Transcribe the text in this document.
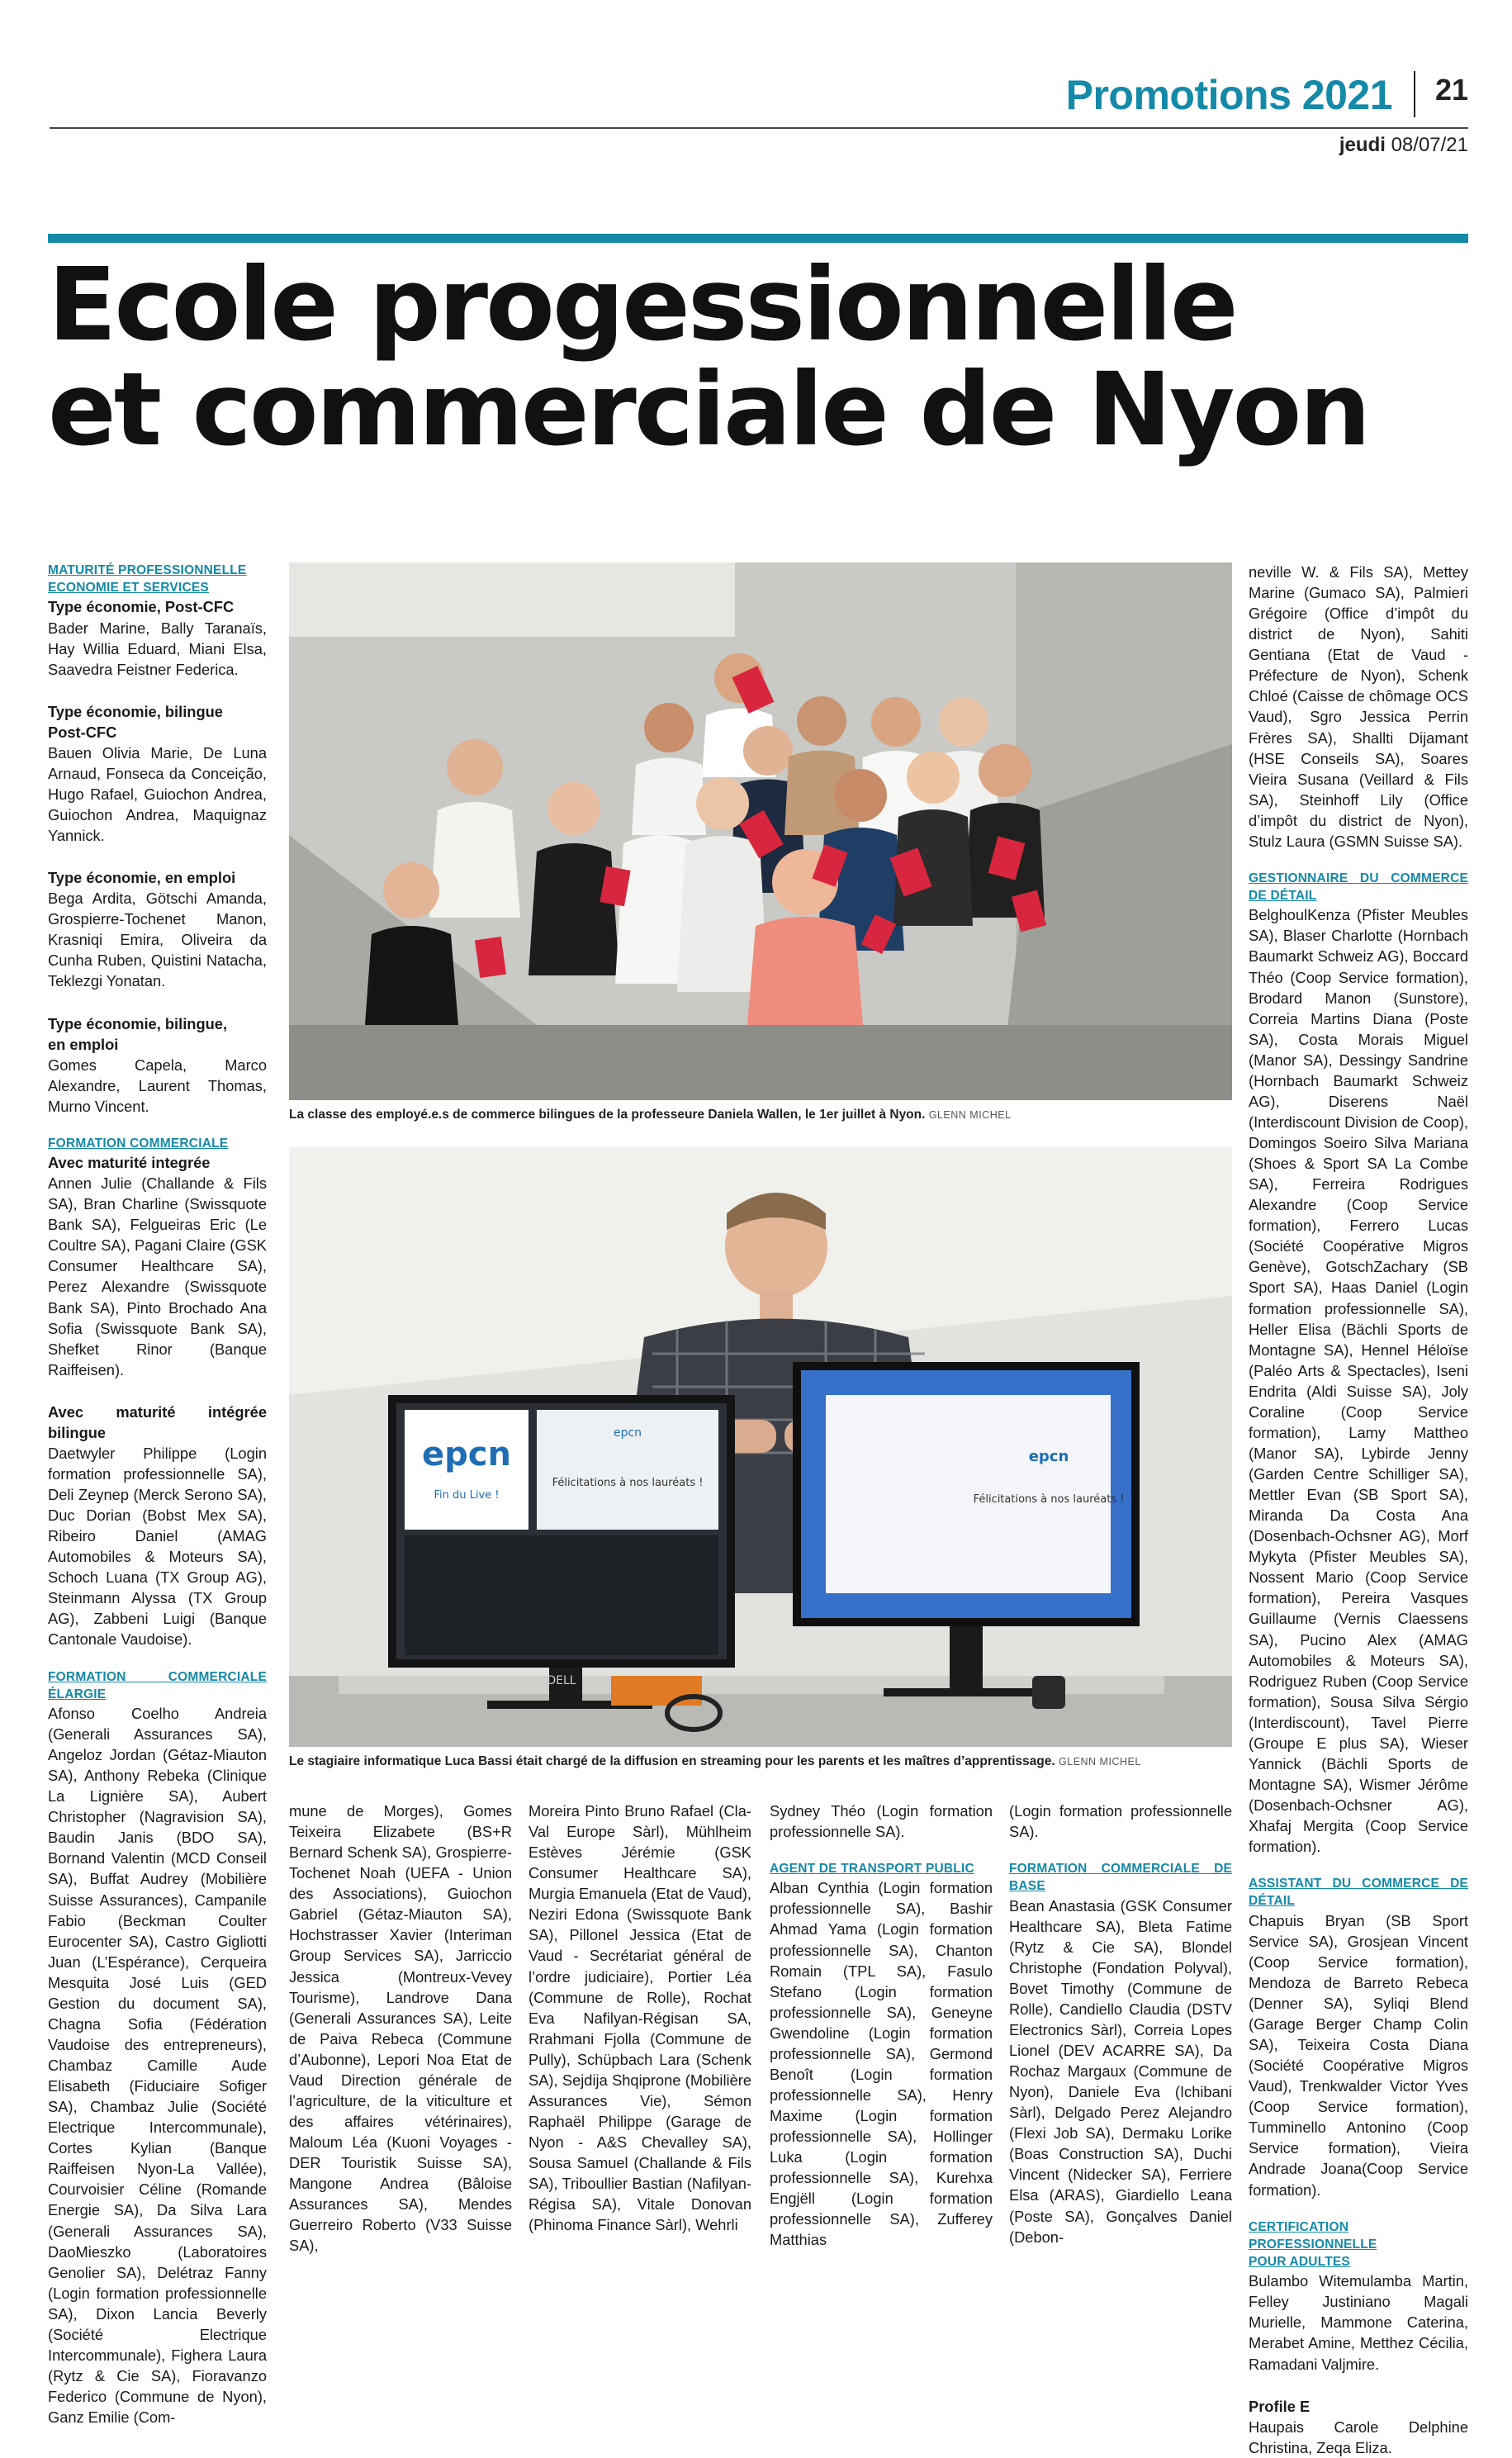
Promotions 2021 21
jeudi 08/07/21
Ecole progessionnelle
et commerciale de Nyon
MATURITÉ PROFESSIONNELLE
ECONOMIE ET SERVICES

Type économie, Post-CFC

Bader Marine, Bally Taranaïs, Hay Willia Eduard, Miani Elsa, Saavedra Feistner Federica.

Type économie, bilingue
Post-CFC

Bauen Olivia Marie, De Luna Arnaud, Fonseca da Conceição, Hugo Rafael, Guiochon Andrea, Guiochon Andrea, Maquignaz Yannick.

Type économie, en emploi

Bega Ardita, Götschi Amanda, Grospierre-Tochenet Manon, Krasniqi Emira, Oliveira da Cunha Ruben, Quistini Natacha, Teklezgi Yonatan.

Type économie, bilingue,
en emploi

Gomes Capela, Marco Alexandre, Laurent Thomas, Murno Vincent.

FORMATION COMMERCIALE

Avec maturité integrée

Annen Julie (Challande & Fils SA), Bran Charline (Swissquote Bank SA), Felgueiras Eric (Le Coultre SA), Pagani Claire (GSK Consumer Healthcare SA), Perez Alexandre (Swissquote Bank SA), Pinto Brochado Ana Sofia (Swissquote Bank SA), Shefket Rinor (Banque Raiffeisen).

Avec maturité intégrée bilingue

Daetwyler Philippe (Login formation professionnelle SA), Deli Zeynep (Merck Serono SA), Duc Dorian (Bobst Mex SA), Ribeiro Daniel (AMAG Automobiles & Moteurs SA), Schoch Luana (TX Group AG), Steinmann Alyssa (TX Group AG), Zabbeni Luigi (Banque Cantonale Vaudoise).

FORMATION COMMERCIALE ÉLARGIE

Afonso Coelho Andreia (Generali Assurances SA), Angeloz Jordan (Gétaz-Miauton SA), Anthony Rebeka (Clinique La Lignière SA), Aubert Christopher (Nagravision SA), Baudin Janis (BDO SA), Bornand Valentin (MCD Conseil SA), Buffat Audrey (Mobilière Suisse Assurances), Campanile Fabio (Beckman Coulter Eurocenter SA), Castro Gigliotti Juan (L’Espérance), Cerqueira Mesquita José Luis (GED Gestion du document SA), Chagna Sofia (Fédération Vaudoise des entrepreneurs), Chambaz Camille Aude Elisabeth (Fiduciaire Sofiger SA), Chambaz Julie (Société Electrique Intercommunale), Cortes Kylian (Banque Raiffeisen Nyon-La Vallée), Courvoisier Céline (Romande Energie SA), Da Silva Lara (Generali Assurances SA), DaoMieszko (Laboratoires Genolier SA), Delétraz Fanny (Login formation professionnelle SA), Dixon Lancia Beverly (Société Electrique Intercommunale), Fighera Laura (Rytz & Cie SA), Fioravanzo Federico (Commune de Nyon), Ganz Emilie (Com-

La classe des employé.e.s de commerce bilingues de la professeure Daniela Wallen, le 1er juillet à Nyon. GLENN MICHEL
epcn
Fin du Live !
epcn
Félicitations à nos lauréats !
DELL
epcn
Félicitations à nos lauréats !
Le stagiaire informatique Luca Bassi était chargé de la diffusion en streaming pour les parents et les maîtres d’apprentissage. GLENN MICHEL

mune de Morges), Gomes Teixeira Elizabete (BS+R Bernard Schenk SA), Grospierre-Tochenet Noah (UEFA - Union des Associations), Guiochon Gabriel (Gétaz-Miauton SA), Hochstrasser Xavier (Interiman Group Services SA), Jarriccio Jessica (Montreux-Vevey Tourisme), Landrove Dana (Generali Assurances SA), Leite de Paiva Rebeca (Commune d’Aubonne), Lepori Noa Etat de Vaud Direction générale de l’agriculture, de la viticulture et des affaires vétérinaires), Maloum Léa (Kuoni Voyages - DER Touristik Suisse SA), Mangone Andrea (Bâloise Assurances SA), Mendes Guerreiro Roberto (V33 Suisse SA),

Moreira Pinto Bruno Rafael (Cla-Val Europe Sàrl), Mühlheim Estèves Jérémie (GSK Consumer Healthcare SA), Murgia Emanuela (Etat de Vaud), Neziri Edona (Swissquote Bank SA), Pillonel Jessica (Etat de Vaud - Secrétariat général de l’ordre judiciaire), Portier Léa (Commune de Rolle), Rochat Eva Nafilyan-Régisan SA, Rrahmani Fjolla (Commune de Pully), Schüpbach Lara (Schenk SA), Sejdija Shqiprone (Mobilière Assurances Vie), Sémon Raphaël Philippe (Garage de Nyon - A&S Chevalley SA), Sousa Samuel (Challande & Fils SA), Triboullier Bastian (Nafilyan-Régisa SA), Vitale Donovan (Phinoma Finance Sàrl), Wehrli

Sydney Théo (Login formation professionnelle SA).

AGENT DE TRANSPORT PUBLIC

Alban Cynthia (Login formation professionnelle SA), Bashir Ahmad Yama (Login formation professionnelle SA), Chanton Romain (TPL SA), Fasulo Stefano (Login formation professionnelle SA), Geneyne Gwendoline (Login formation professionnelle SA), Germond Benoît (Login formation professionnelle SA), Henry Maxime (Login formation professionnelle SA), Hollinger Luka (Login formation professionnelle SA), Kurehxa Engjëll (Login formation professionnelle SA), Zufferey Matthias

(Login formation professionnelle SA).

FORMATION COMMERCIALE DE BASE

Bean Anastasia (GSK Consumer Healthcare SA), Bleta Fatime (Rytz & Cie SA), Blondel Christophe (Fondation Polyval), Bovet Timothy (Commune de Rolle), Candiello Claudia (DSTV Electronics Sàrl), Correia Lopes Lionel (DEV ACARRE SA), Da Rochaz Margaux (Commune de Nyon), Daniele Eva (Ichibani Sàrl), Delgado Perez Alejandro (Flexi Job SA), Dermaku Lorike (Boas Construction SA), Duchi Vincent (Nidecker SA), Ferriere Elsa (ARAS), Giardiello Leana (Poste SA), Gonçalves Daniel (Debon-

neville W. & Fils SA), Mettey Marine (Gumaco SA), Palmieri Grégoire (Office d’impôt du district de Nyon), Sahiti Gentiana (Etat de Vaud - Préfecture de Nyon), Schenk Chloé (Caisse de chômage OCS Vaud), Sgro Jessica Perrin Frères SA), Shallti Dijamant (HSE Conseils SA), Soares Vieira Susana (Veillard & Fils SA), Steinhoff Lily (Office d’impôt du district de Nyon), Stulz Laura (GSMN Suisse SA).

GESTIONNAIRE DU COMMERCE DE DÉTAIL

BelghoulKenza (Pfister Meubles SA), Blaser Charlotte (Hornbach Baumarkt Schweiz AG), Boccard Théo (Coop Service formation), Brodard Manon (Sunstore), Correia Martins Diana (Poste SA), Costa Morais Miguel (Manor SA), Dessingy Sandrine (Hornbach Baumarkt Schweiz AG), Diserens Naël (Interdiscount Division de Coop), Domingos Soeiro Silva Mariana (Shoes & Sport SA La Combe SA), Ferreira Rodrigues Alexandre (Coop Service formation), Ferrero Lucas (Société Coopérative Migros Genève), GotschZachary (SB Sport SA), Haas Daniel (Login formation professionnelle SA), Heller Elisa (Bächli Sports de Montagne SA), Hennel Héloïse (Paléo Arts & Spectacles), Iseni Endrita (Aldi Suisse SA), Joly Coraline (Coop Service formation), Lamy Mattheo (Manor SA), Lybirde Jenny (Garden Centre Schilliger SA), Mettler Evan (SB Sport SA), Miranda Da Costa Ana (Dosenbach-Ochsner AG), Morf Mykyta (Pfister Meubles SA), Nossent Mario (Coop Service formation), Pereira Vasques Guillaume (Vernis Claessens SA), Pucino Alex (AMAG Automobiles & Moteurs SA), Rodriguez Ruben (Coop Service formation), Sousa Silva Sérgio (Interdiscount), Tavel Pierre (Groupe E plus SA), Wieser Yannick (Bächli Sports de Montagne SA), Wismer Jérôme (Dosenbach-Ochsner AG), Xhafaj Mergita (Coop Service formation).

ASSISTANT DU COMMERCE DE DÉTAIL

Chapuis Bryan (SB Sport Service SA), Grosjean Vincent (Coop Service formation), Mendoza de Barreto Rebeca (Denner SA), Syliqi Blend (Garage Berger Champ Colin SA), Teixeira Costa Diana (Société Coopérative Migros Vaud), Trenkwalder Victor Yves (Coop Service formation), Tumminello Antonino (Coop Service formation), Vieira Andrade Joana(Coop Service formation).

CERTIFICATION PROFESSIONNELLE
POUR ADULTES

Bulambo Witemulamba Martin, Felley Justiniano Magali Murielle, Mammone Caterina, Merabet Amine, Metthez Cécilia, Ramadani Valjmire.

Profile E

Haupais Carole Delphine Christina, Zeqa Eliza.
